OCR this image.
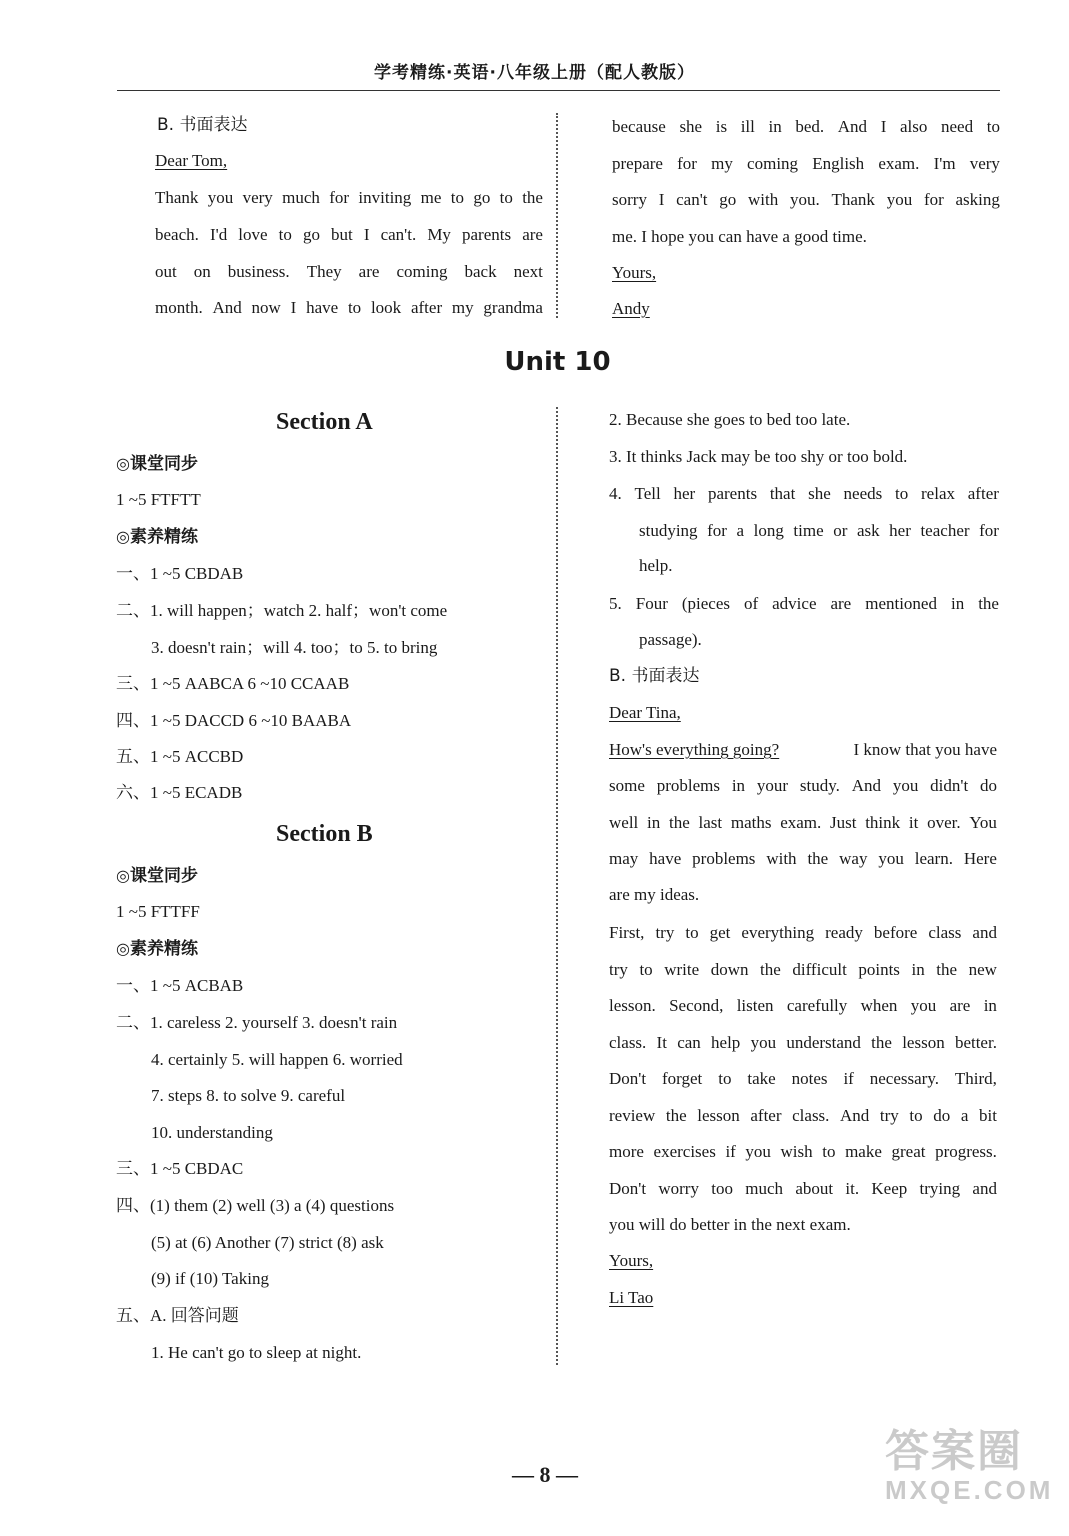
学考精练·英语·八年级上册（配人教版）
B. 书面表达
Dear Tom,
Thank you very much for inviting me to go to the
beach. I'd love to go but I can't. My parents are
out on business. They are coming back next
month. And now I have to look after my grandma
because she is ill in bed. And I also need to
prepare for my coming English exam. I'm very
sorry I can't go with you. Thank you for asking
me. I hope you can have a good time.
Yours,
Andy
Unit 10
Section A
◎课堂同步
1 ~5 FTFTT
◎素养精练
一、1 ~5 CBDAB
二、1. will happen；watch 2. half；won't come
3. doesn't rain；will 4. too；to 5. to bring
三、1 ~5 AABCA 6 ~10 CCAAB
四、1 ~5 DACCD 6 ~10 BAABA
五、1 ~5 ACCBD
六、1 ~5 ECADB
Section B
◎课堂同步
1 ~5 FTTFF
◎素养精练
一、1 ~5 ACBAB
二、1. careless 2. yourself 3. doesn't rain
4. certainly 5. will happen 6. worried
7. steps 8. to solve 9. careful
10. understanding
三、1 ~5 CBDAC
四、(1) them (2) well (3) a (4) questions
(5) at (6) Another (7) strict (8) ask
(9) if (10) Taking
五、A. 回答问题
1. He can't go to sleep at night.
2. Because she goes to bed too late.
3. It thinks Jack may be too shy or too bold.
4. Tell her parents that she needs to relax after
studying for a long time or ask her teacher for
help.
5. Four (pieces of advice are mentioned in the
passage).
B. 书面表达
Dear Tina,
How's everything going?	I know that you have
some problems in your study. And you didn't do
well in the last maths exam. Just think it over. You
may have problems with the way you learn. Here
are my ideas.
First, try to get everything ready before class and
try to write down the difficult points in the new
lesson. Second, listen carefully when you are in
class. It can help you understand the lesson better.
Don't forget to take notes if necessary. Third,
review the lesson after class. And try to do a bit
more exercises if you wish to make great progress.
Don't worry too much about it. Keep trying and
you will do better in the next exam.
Yours,
Li Tao
— 8 —	答案圈
MXQE.COM
